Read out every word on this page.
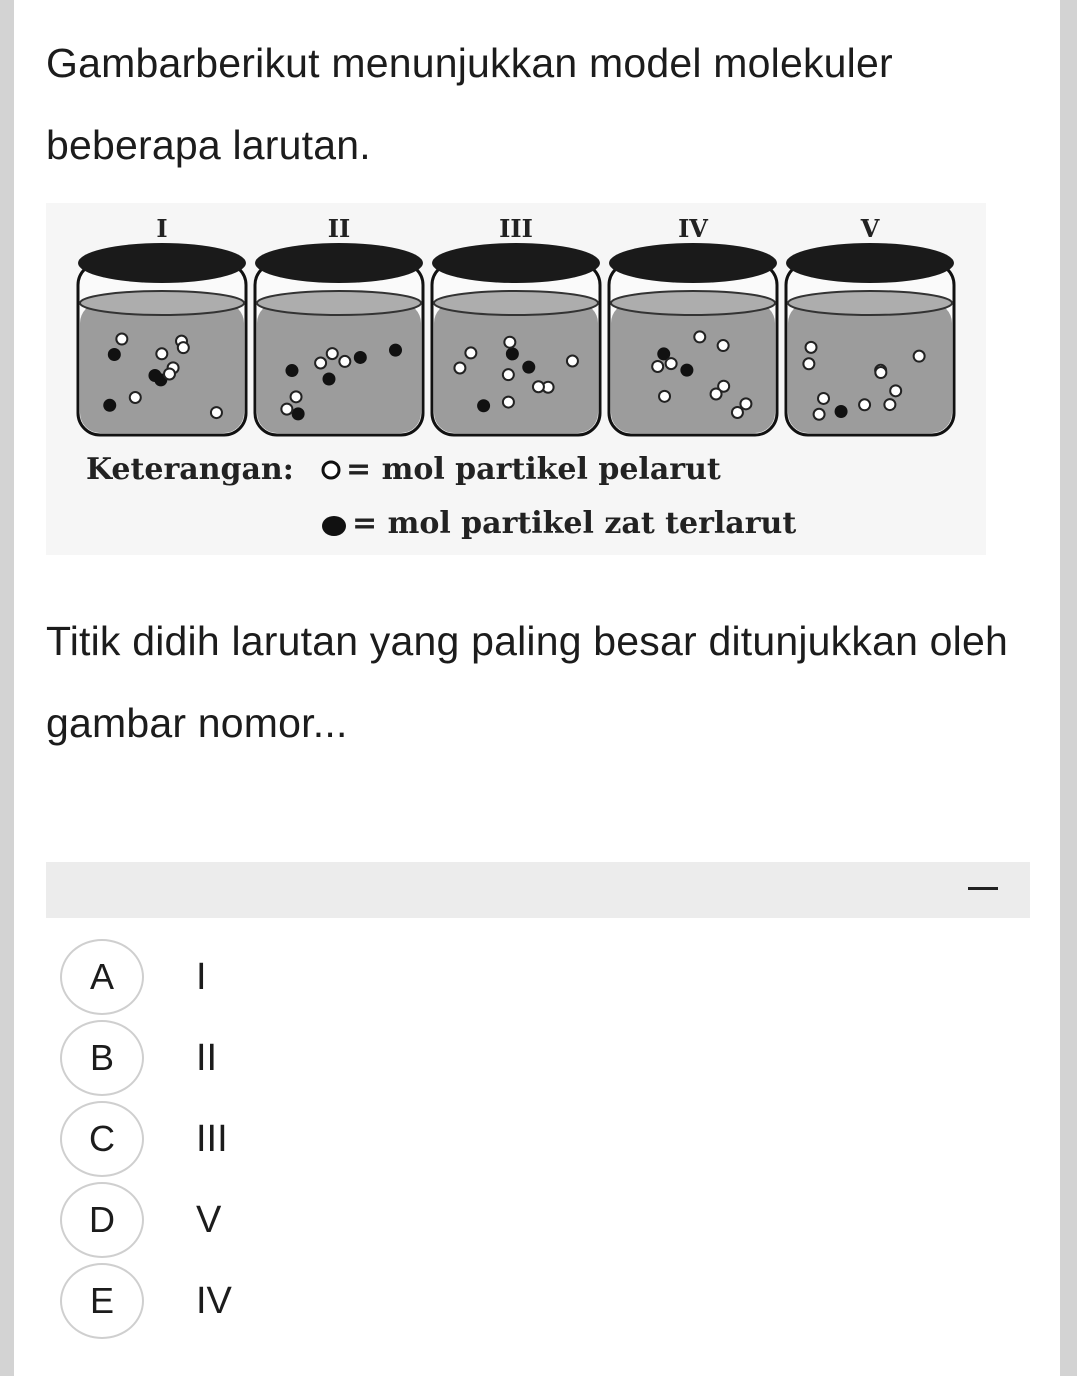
Gambarberikut menunjukkan model molekuler beberapa larutan.

I	II	III	IV	V
Keterangan: = mol partikel pelarut
= mol partikel zat terlarut

Titik didih larutan yang paling besar ditunjukkan oleh gambar nomor...

A	I
B	II
C	III
D	V
E	IV
